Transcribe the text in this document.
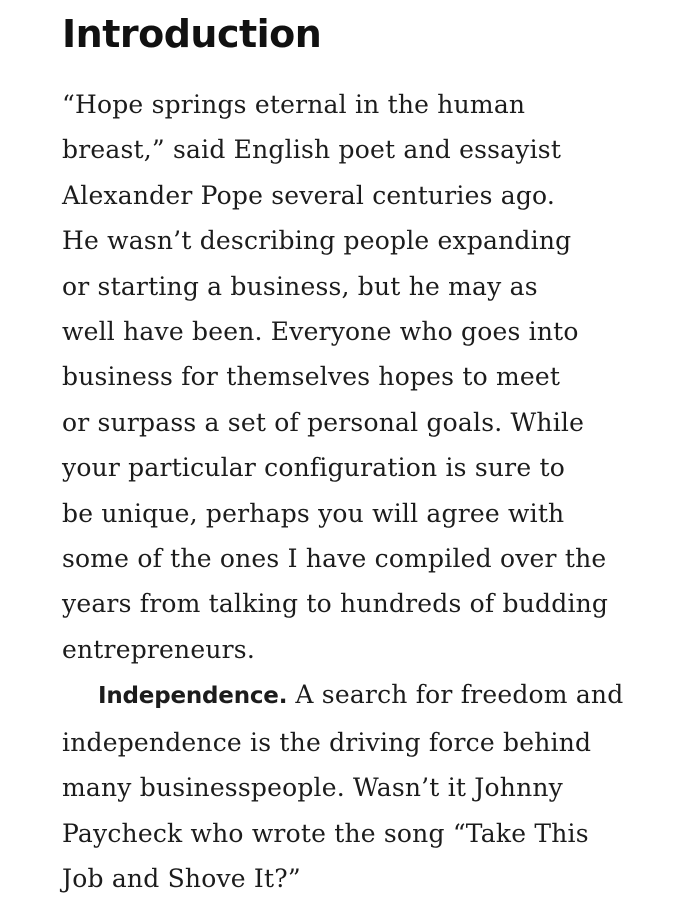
Introduction
“Hope springs eternal in the human
breast,” said English poet and essayist
Alexander Pope several centuries ago.
He wasn’t describing people expanding
or starting a business, but he may as
well have been. Everyone who goes into
business for themselves hopes to meet
or surpass a set of personal goals. While
your particular configuration is sure to
be unique, perhaps you will agree with
some of the ones I have compiled over the
years from talking to hundreds of budding
entrepreneurs.
Independence. A search for freedom and
independence is the driving force behind
many businesspeople. Wasn’t it Johnny
Paycheck who wrote the song “Take This
Job and Shove It?”
